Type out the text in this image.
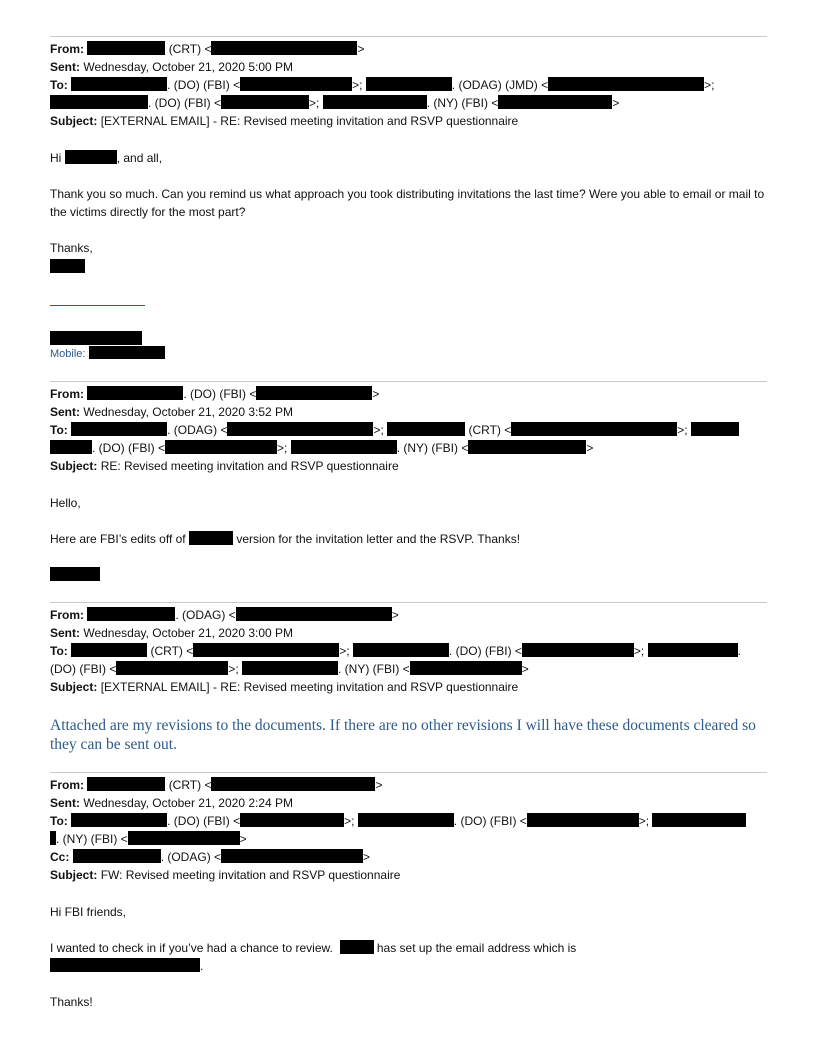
From:	(CRT) <	>

Sent: Wednesday, October 21, 2020 5:00 PM

To:	. (DO) (FBI) <	>;	. (ODAG) (JMD) <	>;

. (DO) (FBI) <	>;	. (NY) (FBI) <	>

Subject: [EXTERNAL EMAIL] - RE: Revised meeting invitation and RSVP questionnaire

Hi	, and all,

Thank you so much. Can you remind us what approach you took distributing invitations the last time? Were you able to email or mail to the victims directly for the most part?

Thanks,

Mobile:

From:	. (DO) (FBI) <	>

Sent: Wednesday, October 21, 2020 3:52 PM

To:	. (ODAG) <	>;	(CRT) <	>;

. (DO) (FBI) <	>;	. (NY) (FBI) <	>

Subject: RE: Revised meeting invitation and RSVP questionnaire

Hello,

Here are FBI’s edits off of	version for the invitation letter and the RSVP. Thanks!

From:	. (ODAG) <	>

Sent: Wednesday, October 21, 2020 3:00 PM

To:	(CRT) <	>;	. (DO) (FBI) <	>;	.

(DO) (FBI) <	>;	. (NY) (FBI) <	>

Subject: [EXTERNAL EMAIL] - RE: Revised meeting invitation and RSVP questionnaire

Attached are my revisions to the documents. If there are no other revisions I will have these documents cleared so they can be sent out.

From:	(CRT) <	>

Sent: Wednesday, October 21, 2020 2:24 PM

To:	. (DO) (FBI) <	>;	. (DO) (FBI) <	>;

. (NY) (FBI) <	>

Cc:	. (ODAG) <	>

Subject: FW: Revised meeting invitation and RSVP questionnaire

Hi FBI friends,

I wanted to check in if you’ve had a chance to review.	has set up the email address which is

.

Thanks!
